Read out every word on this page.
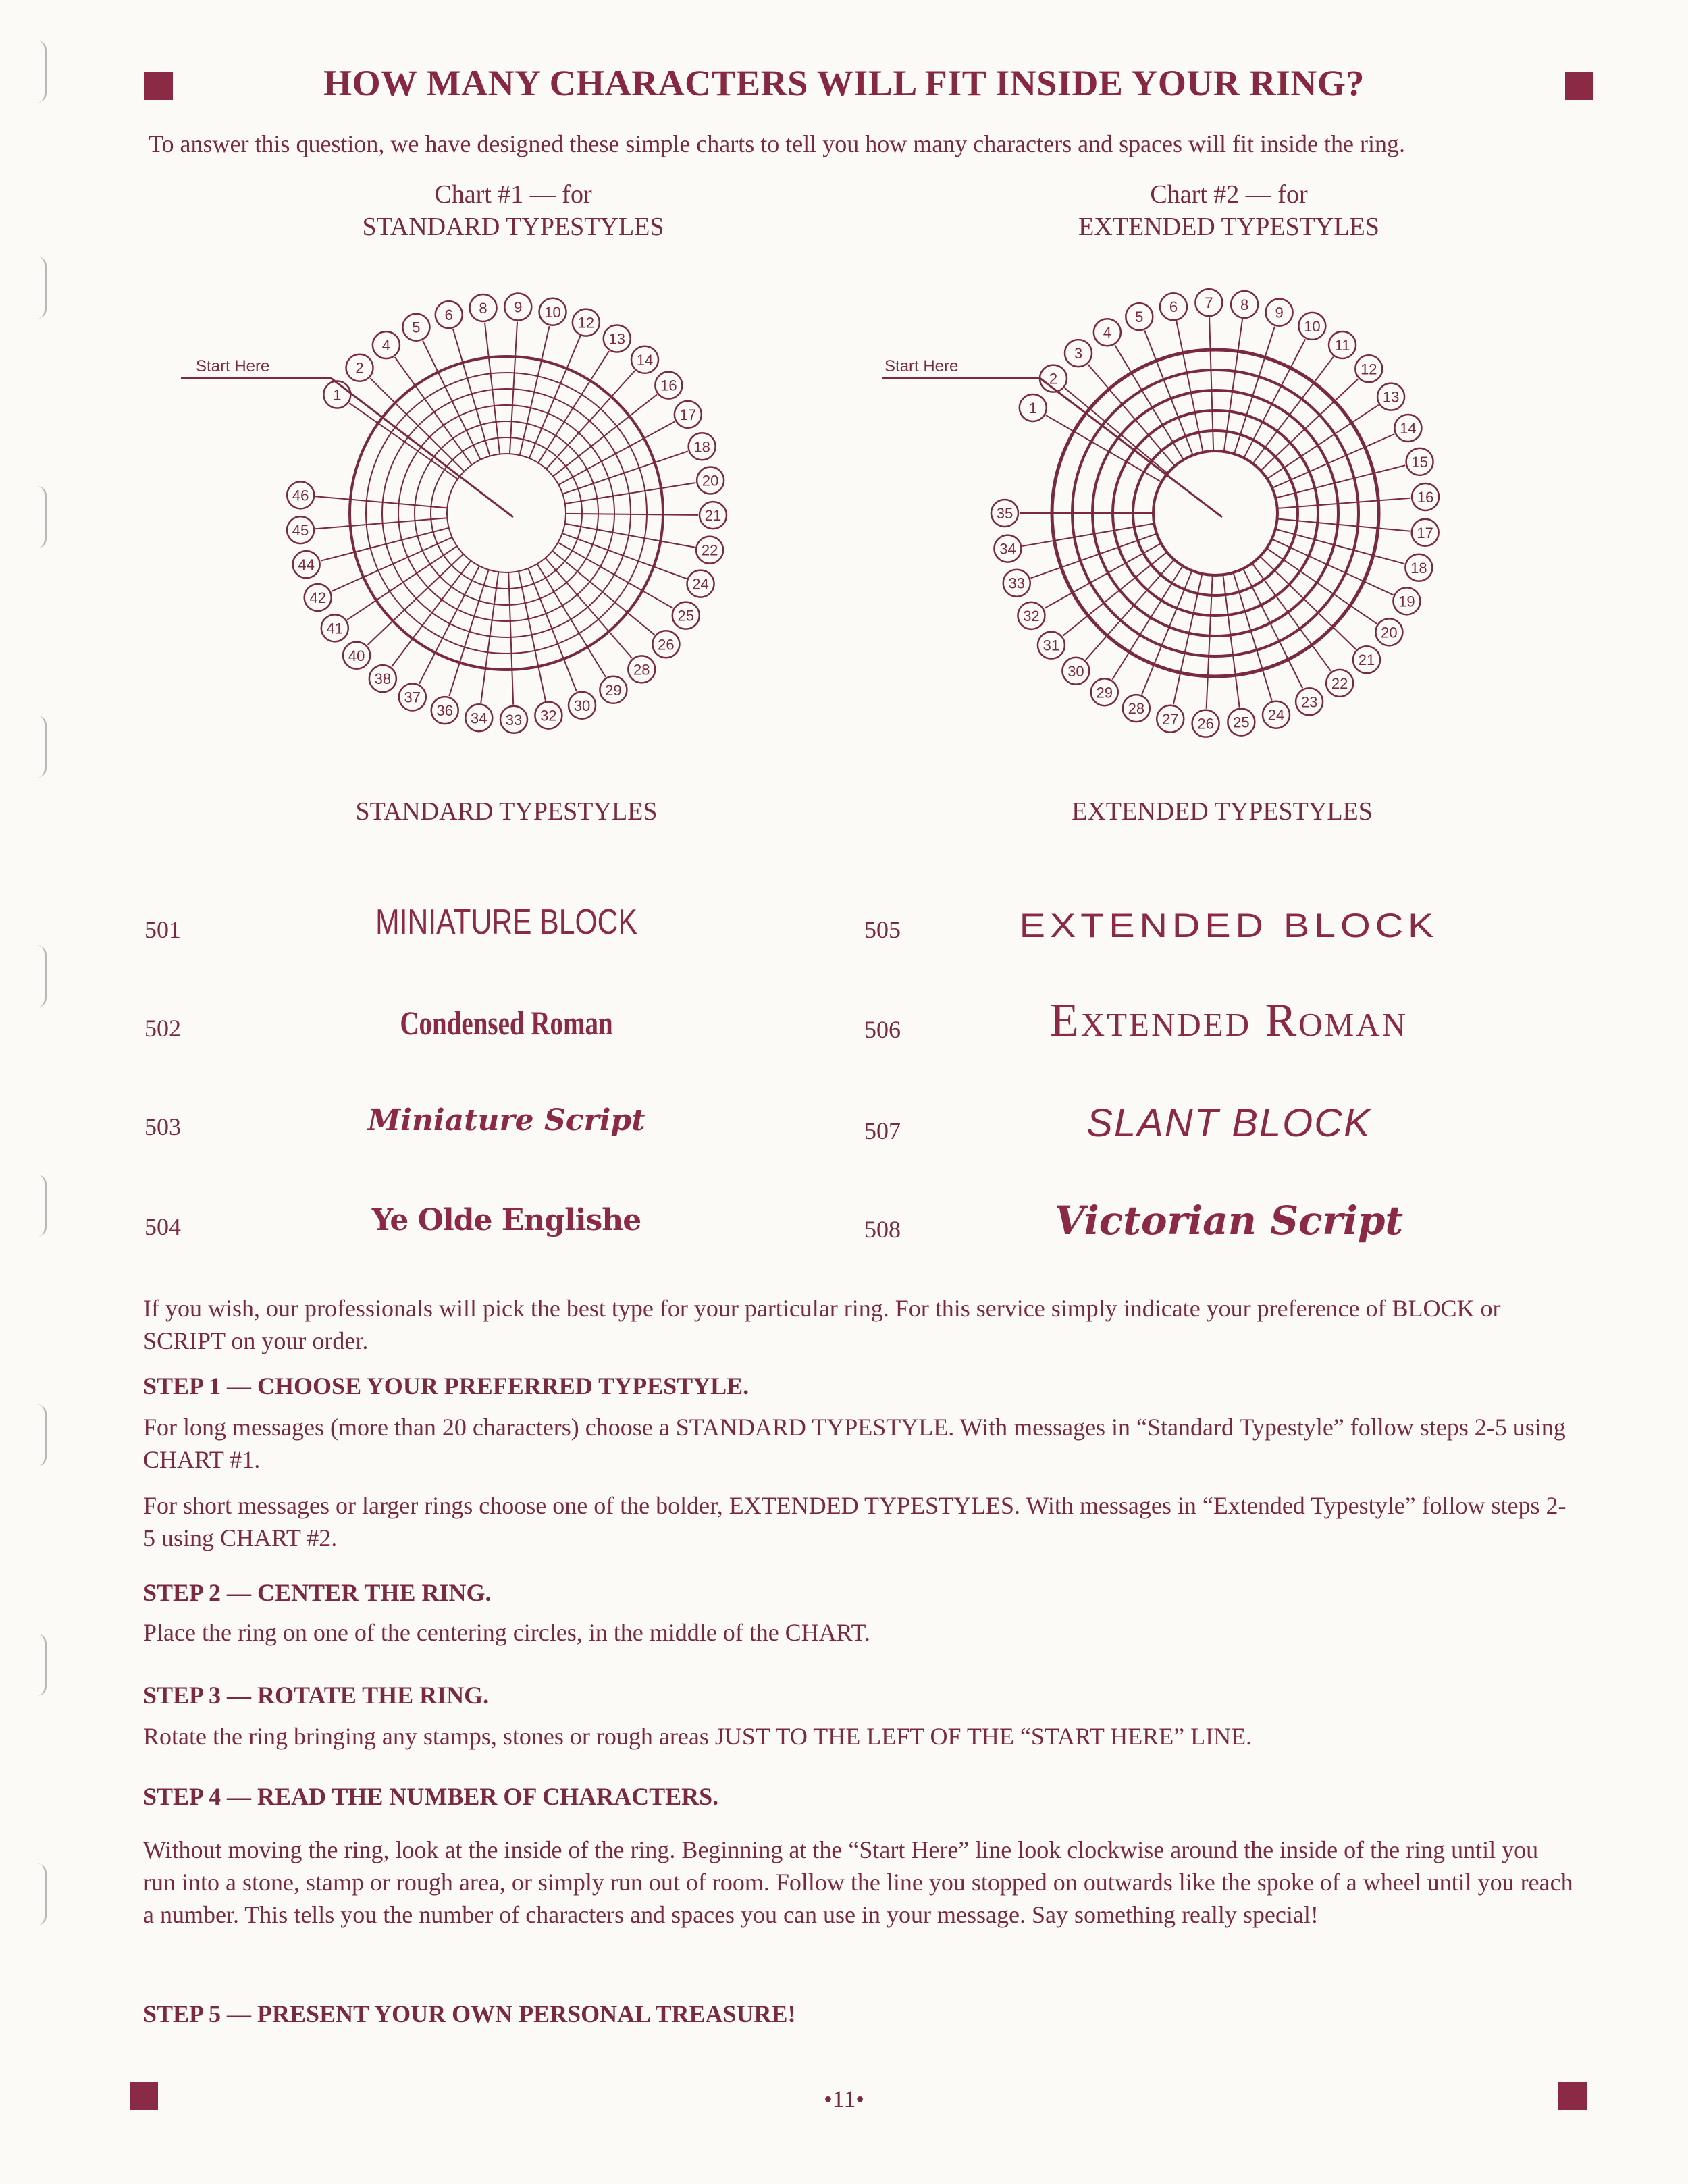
HOW MANY CHARACTERS WILL FIT INSIDE YOUR RING?
To answer this question, we have designed these simple charts to tell you how many characters and spaces will fit inside the ring.
Chart #1 — for
STANDARD TYPESTYLES
Chart #2 — for
EXTENDED TYPESTYLES
1
2
4
5
6 8 9 10
12
13
14
16
17
18
20
21
22
24
25
26
28
29
30
32
33
34
36
37
38
40
41
42
44
45
46
Start Here
1
2
3
4
5
6 7 8 9
10
11
12
13
14
15
16
17
18
19
20
21
22
23
24
25
26
27
28
29
30
31
32
33
34
35
Start Here
STANDARD TYPESTYLES	EXTENDED TYPESTYLES
501	MINIATURE BLOCK
502	Condensed Roman
503	Miniature Script
504	Ye Olde Englishe
505	EXTENDED BLOCK
506	Extended Roman
507	SLANT BLOCK
508	Victorian Script
If you wish, our professionals will pick the best type for your particular ring. For this service simply indicate your preference of BLOCK or SCRIPT on your order.
STEP 1 — CHOOSE YOUR PREFERRED TYPESTYLE.
For long messages (more than 20 characters) choose a STANDARD TYPESTYLE. With messages in “Standard Typestyle” follow steps 2-5 using CHART #1.
For short messages or larger rings choose one of the bolder, EXTENDED TYPESTYLES. With messages in “Extended Typestyle” follow steps 2-5 using CHART #2.
STEP 2 — CENTER THE RING.
Place the ring on one of the centering circles, in the middle of the CHART.
STEP 3 — ROTATE THE RING.
Rotate the ring bringing any stamps, stones or rough areas JUST TO THE LEFT OF THE “START HERE” LINE.
STEP 4 — READ THE NUMBER OF CHARACTERS.
Without moving the ring, look at the inside of the ring. Beginning at the “Start Here” line look clockwise around the inside of the ring until you run into a stone, stamp or rough area, or simply run out of room. Follow the line you stopped on outwards like the spoke of a wheel until you reach a number. This tells you the number of characters and spaces you can use in your message. Say something really special!
STEP 5 — PRESENT YOUR OWN PERSONAL TREASURE!
•11•
